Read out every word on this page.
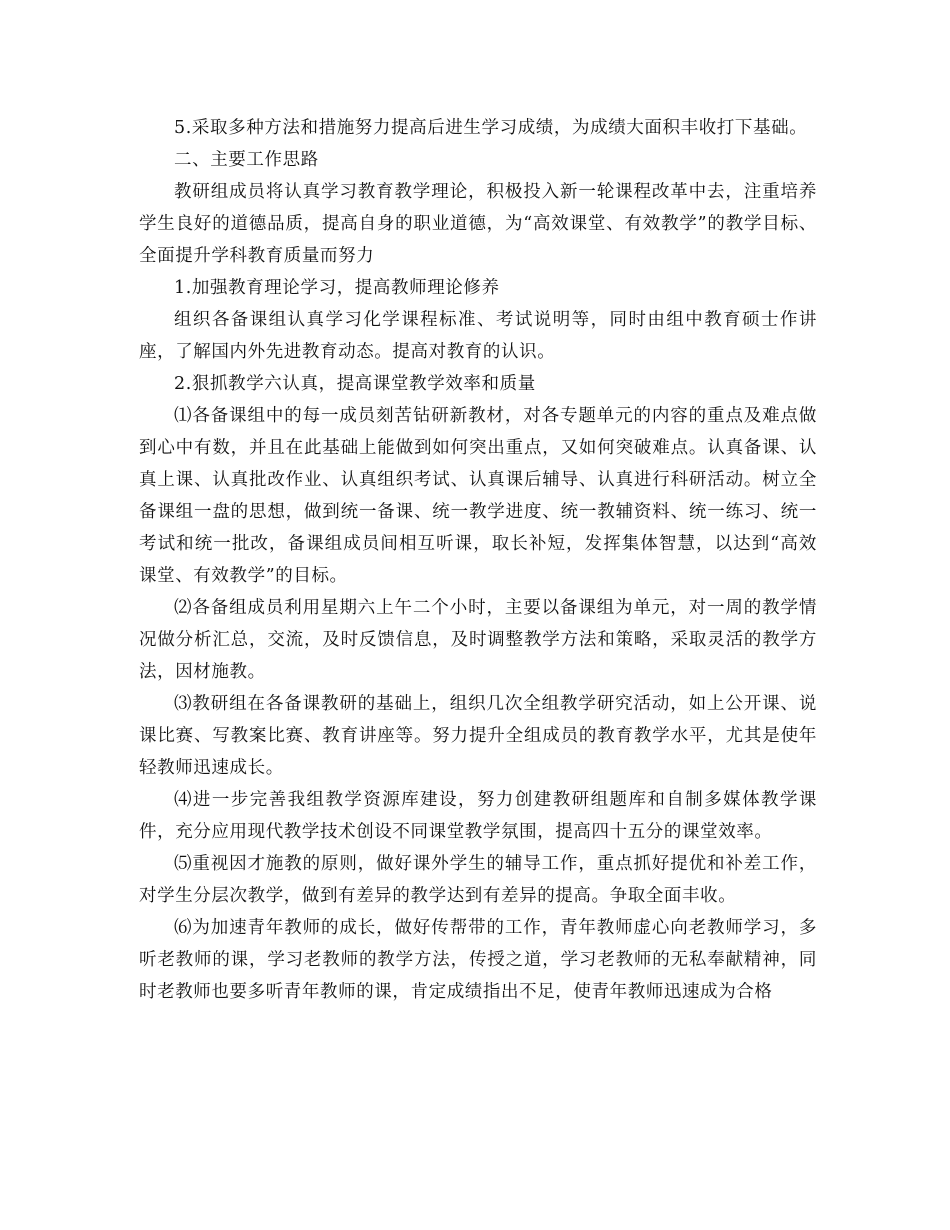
5.采取多种方法和措施努力提高后进生学习成绩，为成绩大面积丰收打下基础。

二、主要工作思路

教研组成员将认真学习教育教学理论，积极投入新一轮课程改革中去，注重培养学生良好的道德品质，提高自身的职业道德，为“高效课堂、有效教学”的教学目标、全面提升学科教育质量而努力

1.加强教育理论学习，提高教师理论修养

组织各备课组认真学习化学课程标准、考试说明等，同时由组中教育硕士作讲座，了解国内外先进教育动态。提高对教育的认识。

2.狠抓教学六认真，提高课堂教学效率和质量

⑴各备课组中的每一成员刻苦钻研新教材，对各专题单元的内容的重点及难点做到心中有数，并且在此基础上能做到如何突出重点，又如何突破难点。认真备课、认真上课、认真批改作业、认真组织考试、认真课后辅导、认真进行科研活动。树立全备课组一盘的思想，做到统一备课、统一教学进度、统一教辅资料、统一练习、统一考试和统一批改，备课组成员间相互听课，取长补短，发挥集体智慧，以达到“高效课堂、有效教学”的目标。

⑵各备组成员利用星期六上午二个小时，主要以备课组为单元，对一周的教学情况做分析汇总，交流，及时反馈信息，及时调整教学方法和策略，采取灵活的教学方法，因材施教。

⑶教研组在各备课教研的基础上，组织几次全组教学研究活动，如上公开课、说课比赛、写教案比赛、教育讲座等。努力提升全组成员的教育教学水平，尤其是使年轻教师迅速成长。

⑷进一步完善我组教学资源库建设，努力创建教研组题库和自制多媒体教学课件，充分应用现代教学技术创设不同课堂教学氛围，提高四十五分的课堂效率。

⑸重视因才施教的原则，做好课外学生的辅导工作，重点抓好提优和补差工作，对学生分层次教学，做到有差异的教学达到有差异的提高。争取全面丰收。

⑹为加速青年教师的成长，做好传帮带的工作，青年教师虚心向老教师学习，多听老教师的课，学习老教师的教学方法，传授之道，学习老教师的无私奉献精神，同时老教师也要多听青年教师的课，肯定成绩指出不足，使青年教师迅速成为合格
